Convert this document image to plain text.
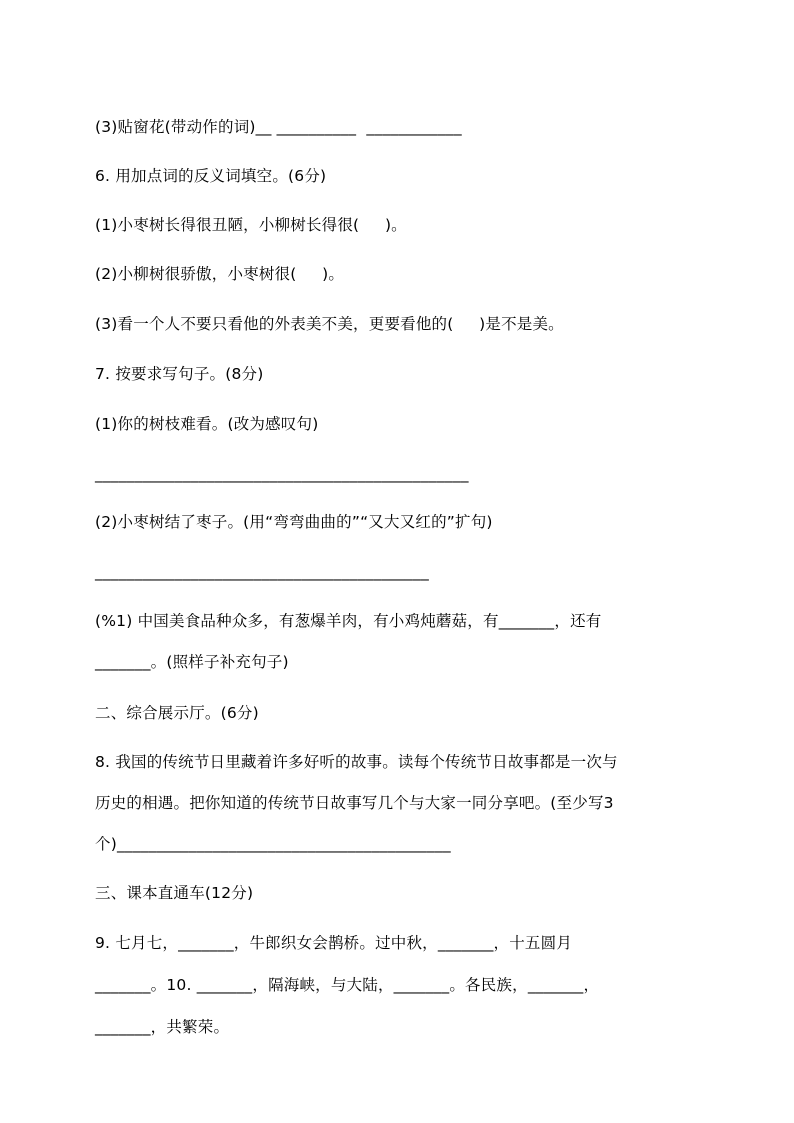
(3)贴窗花(带动作的词)__ __________  ____________
6. 用加点词的反义词填空。(6分)
(1)小枣树长得很丑陋，小柳树长得很(     )。
(2)小柳树很骄傲，小枣树很(     )。
(3)看一个人不要只看他的外表美不美，更要看他的(     )是不是美。
7. 按要求写句子。(8分)
(1)你的树枝难看。(改为感叹句)
_______________________________________________
(2)小枣树结了枣子。(用“弯弯曲曲的”“又大又红的”扩句)
__________________________________________
(%1) 中国美食品种众多，有葱爆羊肉，有小鸡炖蘑菇，有_______，还有
_______。(照样子补充句子)
二、综合展示厅。(6分)
8. 我国的传统节日里藏着许多好听的故事。读每个传统节日故事都是一次与
历史的相遇。把你知道的传统节日故事写几个与大家一同分享吧。(至少写3
个)__________________________________________
三、课本直通车(12分)
9. 七月七，_______，牛郎织女会鹊桥。过中秋，_______，十五圆月
_______。10. _______，隔海峡，与大陆，_______。各民族，_______，
_______，共繁荣。
